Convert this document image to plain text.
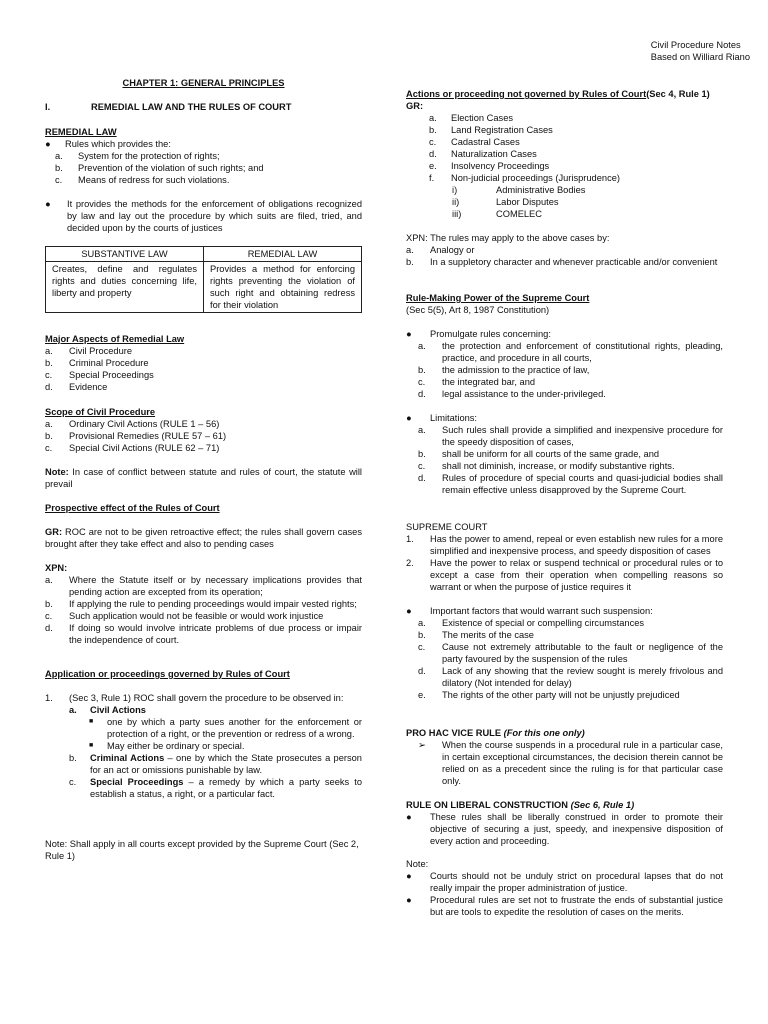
Civil Procedure Notes
Based on Williard Riano
CHAPTER 1: GENERAL PRINCIPLES
I.	REMEDIAL LAW AND THE RULES OF COURT
REMEDIAL LAW
● Rules which provides the:
a. System for the protection of rights;
b. Prevention of the violation of such rights; and
c. Means of redress for such violations.
● It provides the methods for the enforcement of obligations recognized by law and lay out the procedure by which suits are filed, tried, and decided upon by the courts of justices
SUBSTANTIVE LAW	REMEDIAL LAW
Creates, define and regulates rights and duties concerning life, liberty and property	Provides a method for enforcing rights preventing the violation of such right and obtaining redress for their violation
Major Aspects of Remedial Law
a. Civil Procedure
b. Criminal Procedure
c. Special Proceedings
d. Evidence
Scope of Civil Procedure
a. Ordinary Civil Actions (RULE 1 – 56)
b. Provisional Remedies (RULE 57 – 61)
c. Special Civil Actions (RULE 62 – 71)
Note: In case of conflict between statute and rules of court, the statute will prevail
Prospective effect of the Rules of Court
GR: ROC are not to be given retroactive effect; the rules shall govern cases brought after they take effect and also to pending cases
XPN:
a. Where the Statute itself or by necessary implications provides that pending action are excepted from its operation;
b. If applying the rule to pending proceedings would impair vested rights;
c. Such application would not be feasible or would work injustice
d. If doing so would involve intricate problems of due process or impair the independence of court.
Application or proceedings governed by Rules of Court
1. (Sec 3, Rule 1) ROC shall govern the procedure to be observed in:
a. Civil Actions
■ one by which a party sues another for the enforcement or protection of a right, or the prevention or redress of a wrong.
■ May either be ordinary or special.
b. Criminal Actions – one by which the State prosecutes a person for an act or omissions punishable by law.
c. Special Proceedings – a remedy by which a party seeks to establish a status, a right, or a particular fact.
Note: Shall apply in all courts except provided by the Supreme Court (Sec 2, Rule 1)
Actions or proceeding not governed by Rules of Court(Sec 4, Rule 1)
GR:
a. Election Cases
b. Land Registration Cases
c. Cadastral Cases
d. Naturalization Cases
e. Insolvency Proceedings
f. Non-judicial proceedings (Jurisprudence)
i)	Administrative Bodies
ii)	Labor Disputes
iii)	COMELEC
XPN: The rules may apply to the above cases by:
a. Analogy or
b. In a suppletory character and whenever practicable and/or convenient
Rule-Making Power of the Supreme Court
(Sec 5(5), Art 8, 1987 Constitution)
● Promulgate rules concerning:
a. the protection and enforcement of constitutional rights, pleading, practice, and procedure in all courts,
b. the admission to the practice of law,
c. the integrated bar, and
d. legal assistance to the under-privileged.
● Limitations:
a. Such rules shall provide a simplified and inexpensive procedure for the speedy disposition of cases,
b. shall be uniform for all courts of the same grade, and
c. shall not diminish, increase, or modify substantive rights.
d. Rules of procedure of special courts and quasi-judicial bodies shall remain effective unless disapproved by the Supreme Court.
SUPREME COURT
1. Has the power to amend, repeal or even establish new rules for a more simplified and inexpensive process, and speedy disposition of cases
2. Have the power to relax or suspend technical or procedural rules or to except a case from their operation when compelling reasons so warrant or when the purpose of justice requires it
● Important factors that would warrant such suspension:
a. Existence of special or compelling circumstances
b. The merits of the case
c. Cause not extremely attributable to the fault or negligence of the party favoured by the suspension of the rules
d. Lack of any showing that the review sought is merely frivolous and dilatory (Not intended for delay)
e. The rights of the other party will not be unjustly prejudiced
PRO HAC VICE RULE (For this one only)
➢ When the course suspends in a procedural rule in a particular case, in certain exceptional circumstances, the decision therein cannot be relied on as a precedent since the ruling is for that particular case only.
RULE ON LIBERAL CONSTRUCTION (Sec 6, Rule 1)
● These rules shall be liberally construed in order to promote their objective of securing a just, speedy, and inexpensive disposition of every action and proceeding.
Note:
● Courts should not be unduly strict on procedural lapses that do not really impair the proper administration of justice.
● Procedural rules are set not to frustrate the ends of substantial justice but are tools to expedite the resolution of cases on the merits.
